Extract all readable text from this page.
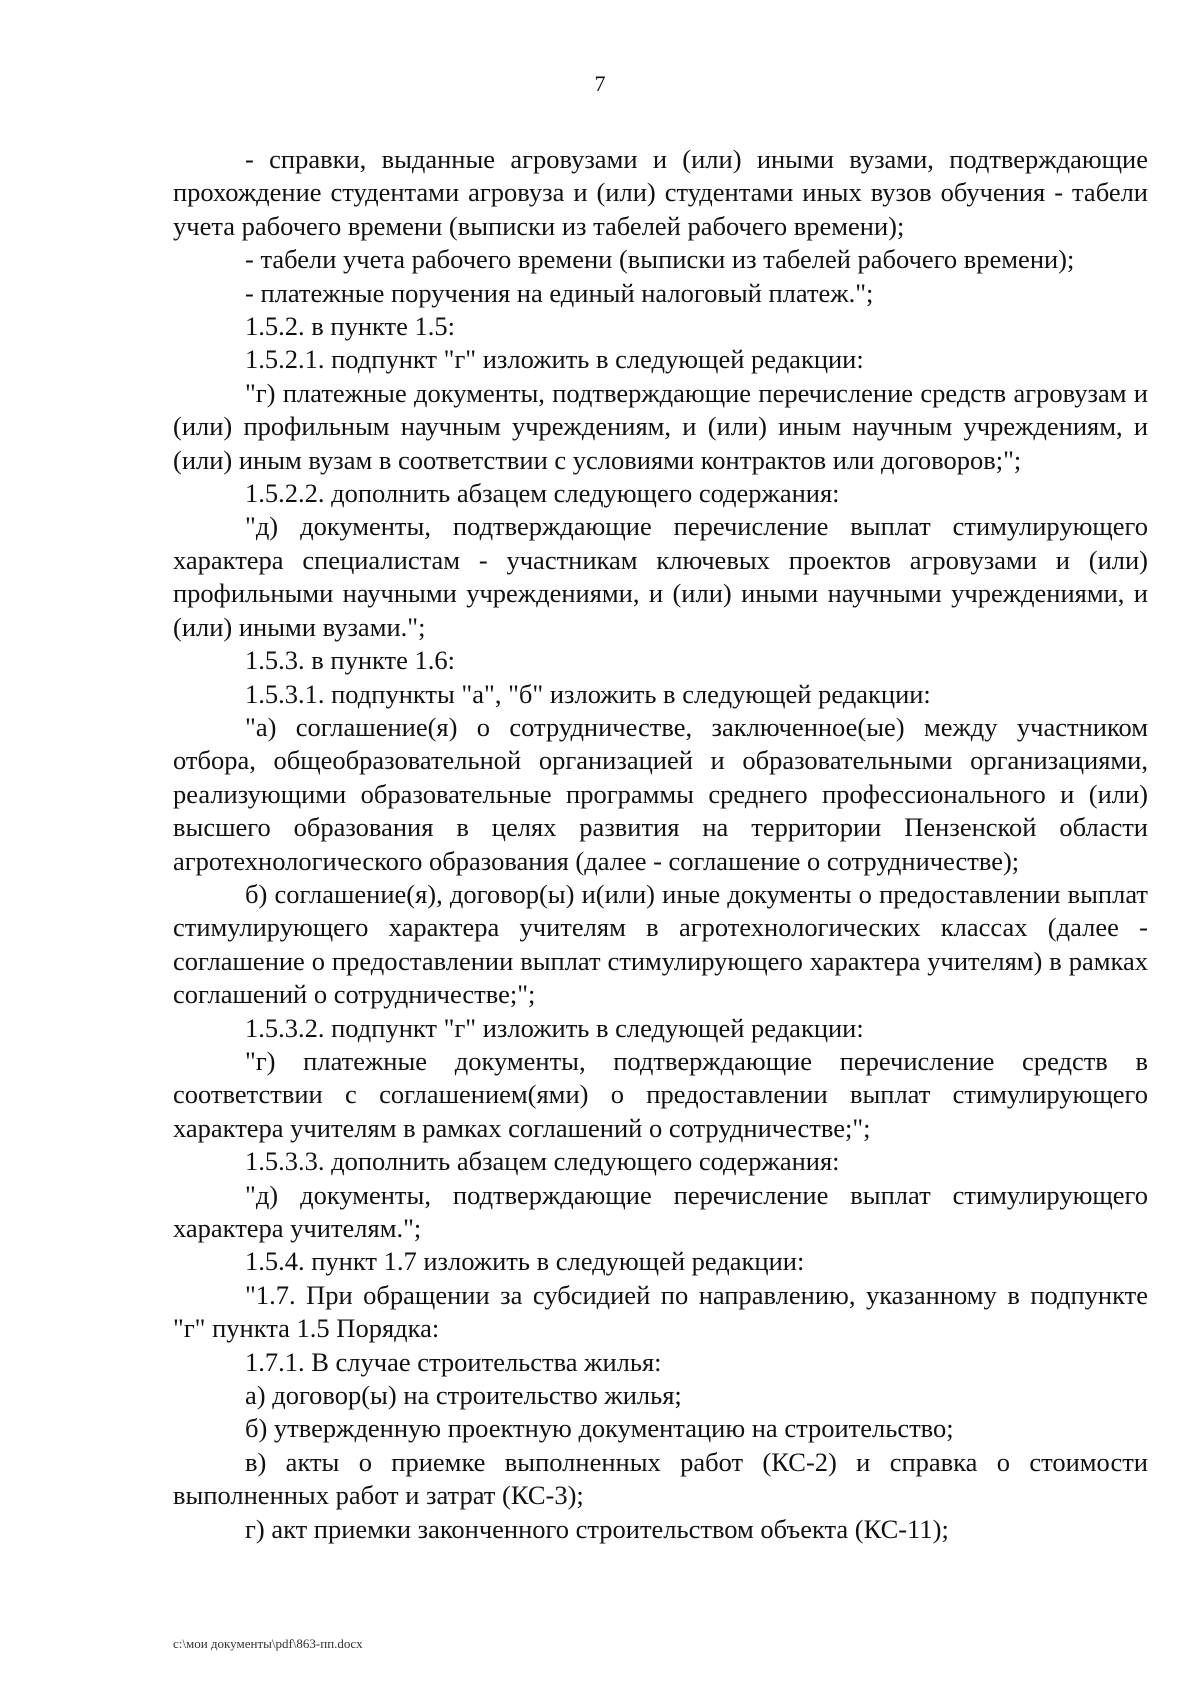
7

- справки, выданные агровузами и (или) иными вузами, подтверждающие прохождение студентами агровуза и (или) студентами иных вузов обучения - табели учета рабочего времени (выписки из табелей рабочего времени);

- табели учета рабочего времени (выписки из табелей рабочего времени);

- платежные поручения на единый налоговый платеж.";

1.5.2. в пункте 1.5:

1.5.2.1. подпункт "г" изложить в следующей редакции:

"г) платежные документы, подтверждающие перечисление средств агровузам и (или) профильным научным учреждениям, и (или) иным научным учреждениям, и (или) иным вузам в соответствии с условиями контрактов или договоров;";

1.5.2.2. дополнить абзацем следующего содержания:

"д) документы, подтверждающие перечисление выплат стимулирующего характера специалистам - участникам ключевых проектов агровузами и (или) профильными научными учреждениями, и (или) иными научными учреждениями, и (или) иными вузами.";

1.5.3. в пункте 1.6:

1.5.3.1. подпункты "а", "б" изложить в следующей редакции:

"а) соглашение(я) о сотрудничестве, заключенное(ые) между участником отбора, общеобразовательной организацией и образовательными организациями, реализующими образовательные программы среднего профессионального и (или) высшего образования в целях развития на территории Пензенской области агротехнологического образования (далее - соглашение о сотрудничестве);

б) соглашение(я), договор(ы) и(или) иные документы о предоставлении выплат стимулирующего характера учителям в агротехнологических классах (далее - соглашение о предоставлении выплат стимулирующего характера учителям) в рамках соглашений о сотрудничестве;";

1.5.3.2. подпункт "г" изложить в следующей редакции:

"г) платежные документы, подтверждающие перечисление средств в соответствии с соглашением(ями) о предоставлении выплат стимулирующего характера учителям в рамках соглашений о сотрудничестве;";

1.5.3.3. дополнить абзацем следующего содержания:

"д) документы, подтверждающие перечисление выплат стимулирующего характера учителям.";

1.5.4. пункт 1.7 изложить в следующей редакции:

"1.7. При обращении за субсидией по направлению, указанному в подпункте "г" пункта 1.5 Порядка:

1.7.1. В случае строительства жилья:

а) договор(ы) на строительство жилья;

б) утвержденную проектную документацию на строительство;

в) акты о приемке выполненных работ (КС-2) и справка о стоимости выполненных работ и затрат (КС-3);

г) акт приемки законченного строительством объекта (КС-11);

c:\мои документы\pdf\863-пп.docx
